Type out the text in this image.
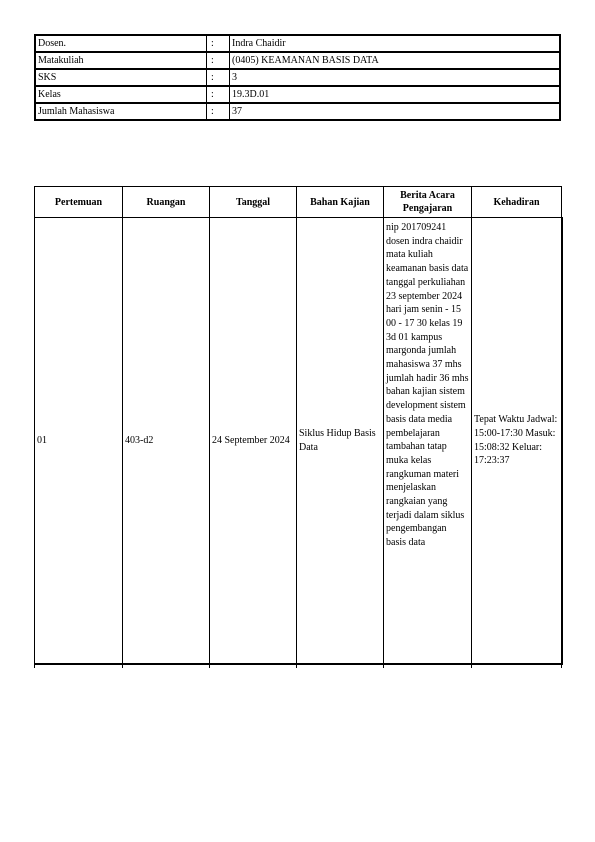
Dosen.	:	Indra Chaidir
Matakuliah	:	(0405) KEAMANAN BASIS DATA
SKS	:	3
Kelas	:	19.3D.01
Jumlah Mahasiswa	:	37
Pertemuan	Ruangan	Tanggal	Bahan Kajian	Berita Acara Pengajaran	Kehadiran
01	403-d2	24 September 2024	Siklus Hidup Basis Data	nip 201709241 dosen indra chaidir mata kuliah keamanan basis data tanggal perkuliahan 23 september 2024 hari jam senin - 15 00 - 17 30 kelas 19 3d 01 kampus margonda jumlah mahasiswa 37 mhs jumlah hadir 36 mhs bahan kajian sistem development sistem basis data media pembelajaran tambahan tatap muka kelas rangkuman materi menjelaskan rangkaian yang terjadi dalam siklus pengembangan basis data	Tepat Waktu Jadwal: 15:00-17:30 Masuk: 15:08:32 Keluar: 17:23:37
